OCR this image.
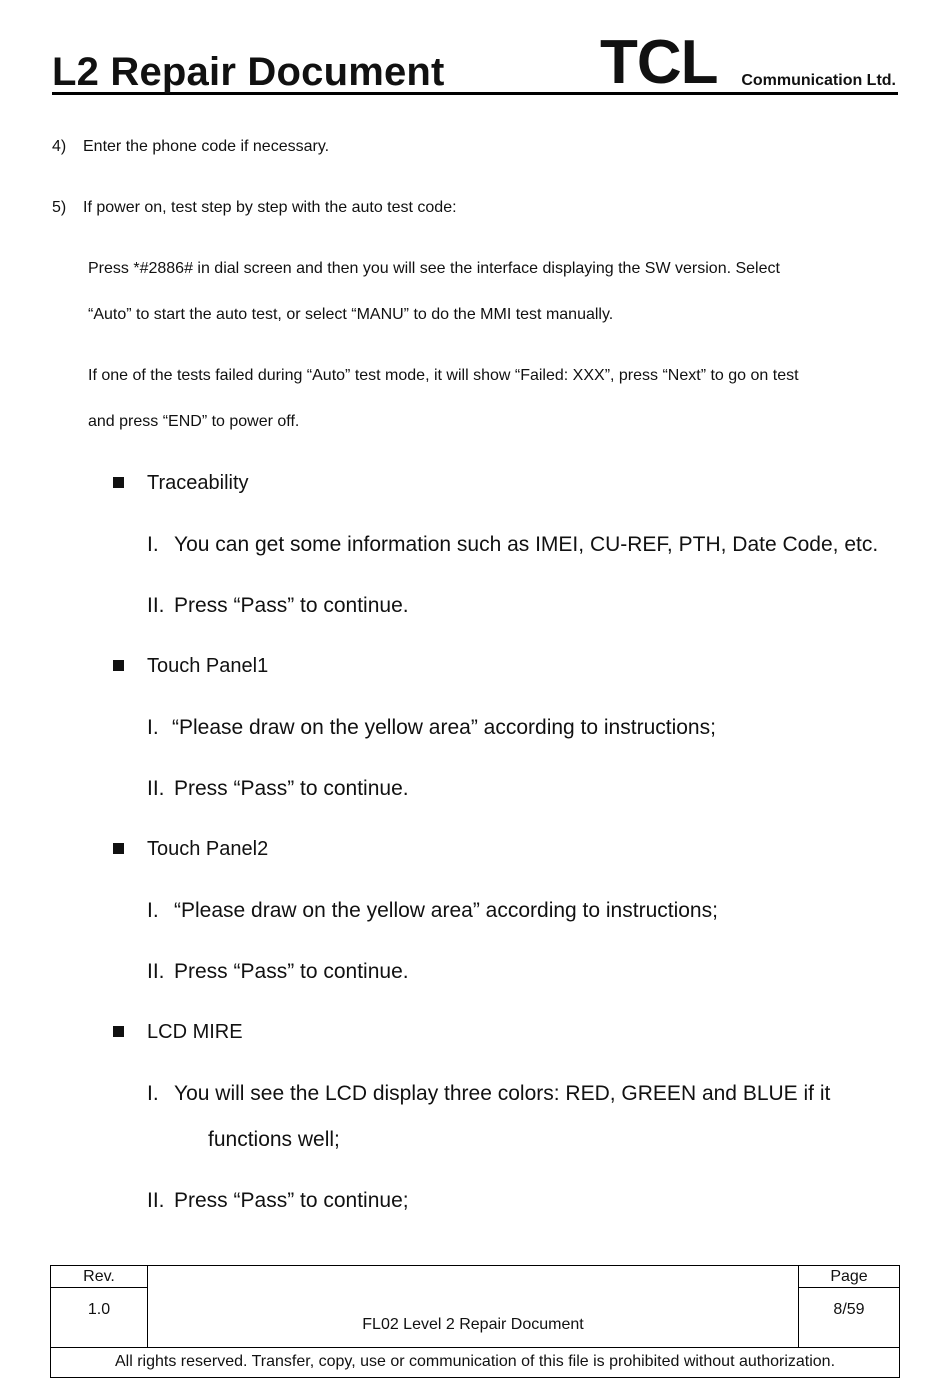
L2 Repair Document	TCL Communication Ltd.
4) Enter the phone code if necessary.
5) If power on, test step by step with the auto test code:
Press *#2886# in dial screen and then you will see the interface displaying the SW version. Select
“Auto” to start the auto test, or select “MANU” to do the MMI test manually.
If one of the tests failed during “Auto” test mode, it will show “Failed: XXX”, press “Next” to go on test
and press “END” to power off.
Traceability
I. You can get some information such as IMEI, CU-REF, PTH, Date Code, etc.
II. Press “Pass” to continue.
Touch Panel1
I. “Please draw on the yellow area” according to instructions;
II. Press “Pass” to continue.
Touch Panel2
I. “Please draw on the yellow area” according to instructions;
II. Press “Pass” to continue.
LCD MIRE
I. You will see the LCD display three colors: RED, GREEN and BLUE if it
functions well;
II. Press “Pass” to continue;
Rev.
1.0
FL02 Level 2 Repair Document
Page
8/59
All rights reserved. Transfer, copy, use or communication of this file is prohibited without authorization.
